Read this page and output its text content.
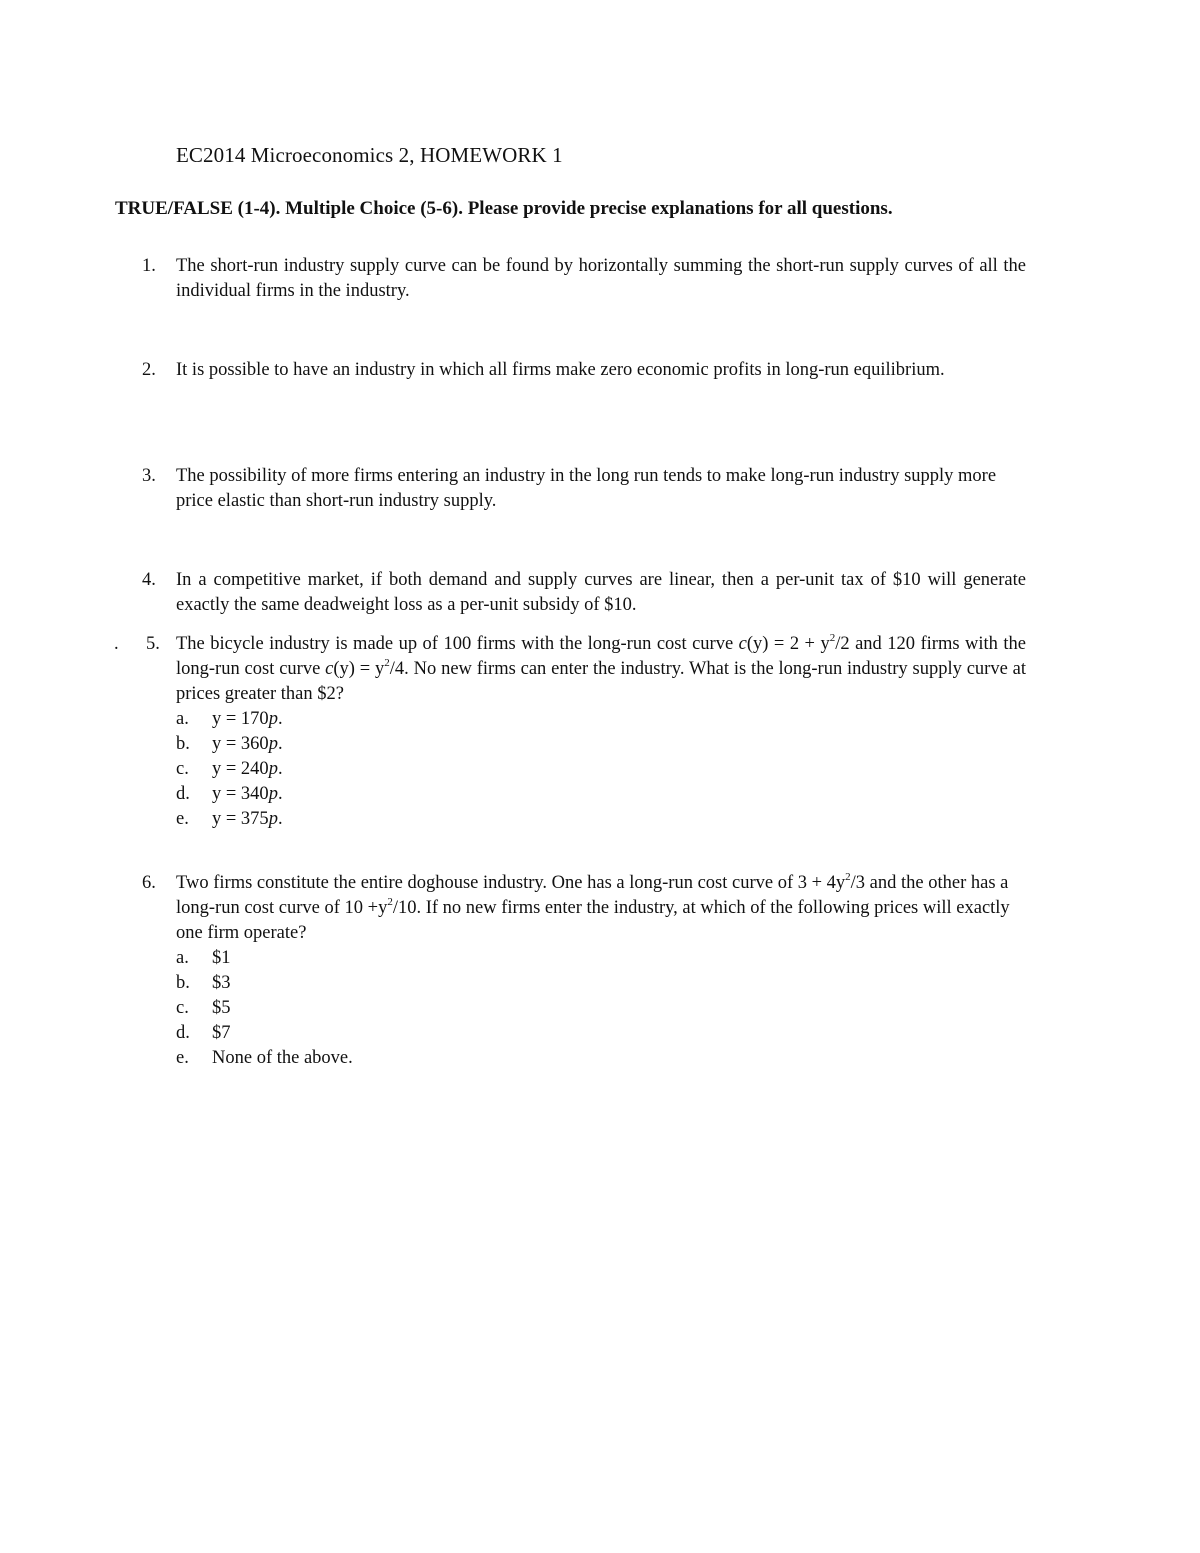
EC2014 Microeconomics 2, HOMEWORK 1
TRUE/FALSE (1-4). Multiple Choice (5-6). Please provide precise explanations for all questions.
1. The short-run industry supply curve can be found by horizontally summing the short-run supply curves of all the individual firms in the industry.
2. It is possible to have an industry in which all firms make zero economic profits in long-run equilibrium.
3. The possibility of more firms entering an industry in the long run tends to make long-run industry supply more price elastic than short-run industry supply.
4. In a competitive market, if both demand and supply curves are linear, then a per-unit tax of $10 will generate exactly the same deadweight loss as a per-unit subsidy of $10.
. 5. The bicycle industry is made up of 100 firms with the long-run cost curve $c(y) = 2 + y^2/2$ and 120 firms with the long-run cost curve $c(y) = y^2/4$. No new firms can enter the industry. What is the long-run industry supply curve at prices greater than $2?
a. y = 170p.
b. y = 360p.
c. y = 240p.
d. y = 340p.
e. y = 375p.
6. Two firms constitute the entire doghouse industry. One has a long-run cost curve of $3 + 4y^2/3$ and the other has a long-run cost curve of $10 +y^2/10$. If no new firms enter the industry, at which of the following prices will exactly one firm operate?
a. $1
b. $3
c. $5
d. $7
e. None of the above.
